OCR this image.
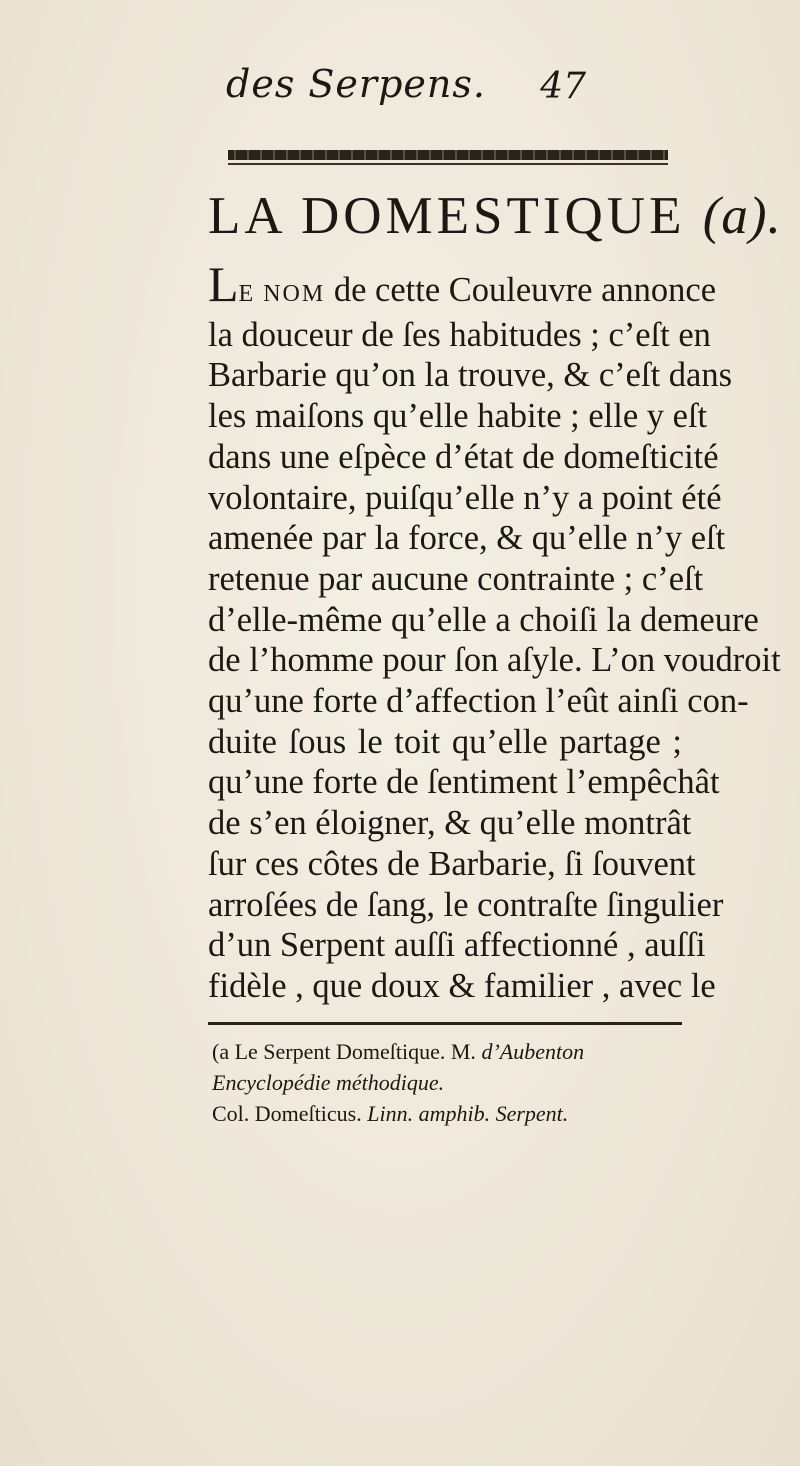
des Serpens. 47
LA DOMESTIQUE (a).
LE NOM de cette Couleuvre annonce
la douceur de ſes habitudes ; c’eſt en
Barbarie qu’on la trouve, & c’eſt dans
les maiſons qu’elle habite ; elle y eſt
dans une eſpèce d’état de domeſticité
volontaire, puiſqu’elle n’y a point été
amenée par la force, & qu’elle n’y eſt
retenue par aucune contrainte ; c’eſt
d’elle-même qu’elle a choiſi la demeure
de l’homme pour ſon aſyle. L’on voudroit
qu’une forte d’affection l’eût ainſi con-
duite ſous le toit qu’elle partage ;
qu’une forte de ſentiment l’empêchât
de s’en éloigner, & qu’elle montrât
ſur ces côtes de Barbarie, ſi ſouvent
arroſées de ſang, le contraſte ſingulier
d’un Serpent auſſi affectionné , auſſi
fidèle , que doux & familier , avec le
(a Le Serpent Domeſtique. M. d’Aubenton
Encyclopédie méthodique.
Col. Domeſticus. Linn. amphib. Serpent.
